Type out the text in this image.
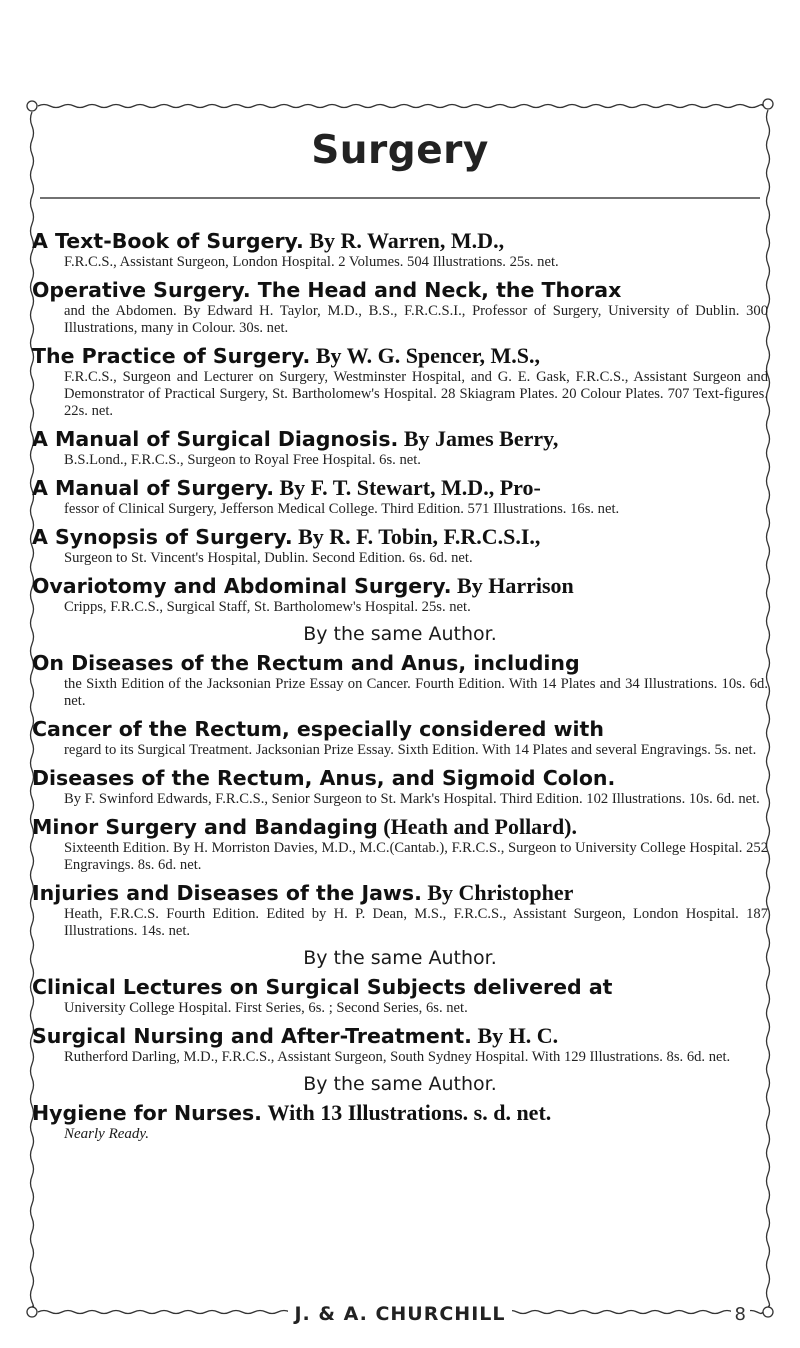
Surgery
A Text-Book of Surgery. By R. Warren, M.D.,
F.R.C.S., Assistant Surgeon, London Hospital. 2 Volumes. 504 Illustrations. 25s. net.
Operative Surgery. The Head and Neck, the Thorax
and the Abdomen. By Edward H. Taylor, M.D., B.S., F.R.C.S.I., Professor of Surgery, University of Dublin. 300 Illustrations, many in Colour. 30s. net.
The Practice of Surgery. By W. G. Spencer, M.S.,
F.R.C.S., Surgeon and Lecturer on Surgery, Westminster Hospital, and G. E. Gask, F.R.C.S., Assistant Surgeon and Demonstrator of Practical Surgery, St. Bartholomew's Hospital. 28 Skiagram Plates. 20 Colour Plates. 707 Text-figures. 22s. net.
A Manual of Surgical Diagnosis. By James Berry,
B.S.Lond., F.R.C.S., Surgeon to Royal Free Hospital. 6s. net.
A Manual of Surgery. By F. T. Stewart, M.D., Pro-
fessor of Clinical Surgery, Jefferson Medical College. Third Edition. 571 Illustrations. 16s. net.
A Synopsis of Surgery. By R. F. Tobin, F.R.C.S.I.,
Surgeon to St. Vincent's Hospital, Dublin. Second Edition. 6s. 6d. net.
Ovariotomy and Abdominal Surgery. By Harrison
Cripps, F.R.C.S., Surgical Staff, St. Bartholomew's Hospital. 25s. net.
By the same Author.
On Diseases of the Rectum and Anus, including
the Sixth Edition of the Jacksonian Prize Essay on Cancer. Fourth Edition. With 14 Plates and 34 Illustrations. 10s. 6d. net.
Cancer of the Rectum, especially considered with
regard to its Surgical Treatment. Jacksonian Prize Essay. Sixth Edition. With 14 Plates and several Engravings. 5s. net.
Diseases of the Rectum, Anus, and Sigmoid Colon.
By F. Swinford Edwards, F.R.C.S., Senior Surgeon to St. Mark's Hospital. Third Edition. 102 Illustrations. 10s. 6d. net.
Minor Surgery and Bandaging (Heath and Pollard).
Sixteenth Edition. By H. Morriston Davies, M.D., M.C.(Cantab.), F.R.C.S., Surgeon to University College Hospital. 252 Engravings. 8s. 6d. net.
Injuries and Diseases of the Jaws. By Christopher
Heath, F.R.C.S. Fourth Edition. Edited by H. P. Dean, M.S., F.R.C.S., Assistant Surgeon, London Hospital. 187 Illustrations. 14s. net.
By the same Author.
Clinical Lectures on Surgical Subjects delivered at
University College Hospital. First Series, 6s. ; Second Series, 6s. net.
Surgical Nursing and After-Treatment. By H. C.
Rutherford Darling, M.D., F.R.C.S., Assistant Surgeon, South Sydney Hospital. With 129 Illustrations. 8s. 6d. net.
By the same Author.
Hygiene for Nurses. With 13 Illustrations. s. d. net.
Nearly Ready.
J. & A. CHURCHILL	8
